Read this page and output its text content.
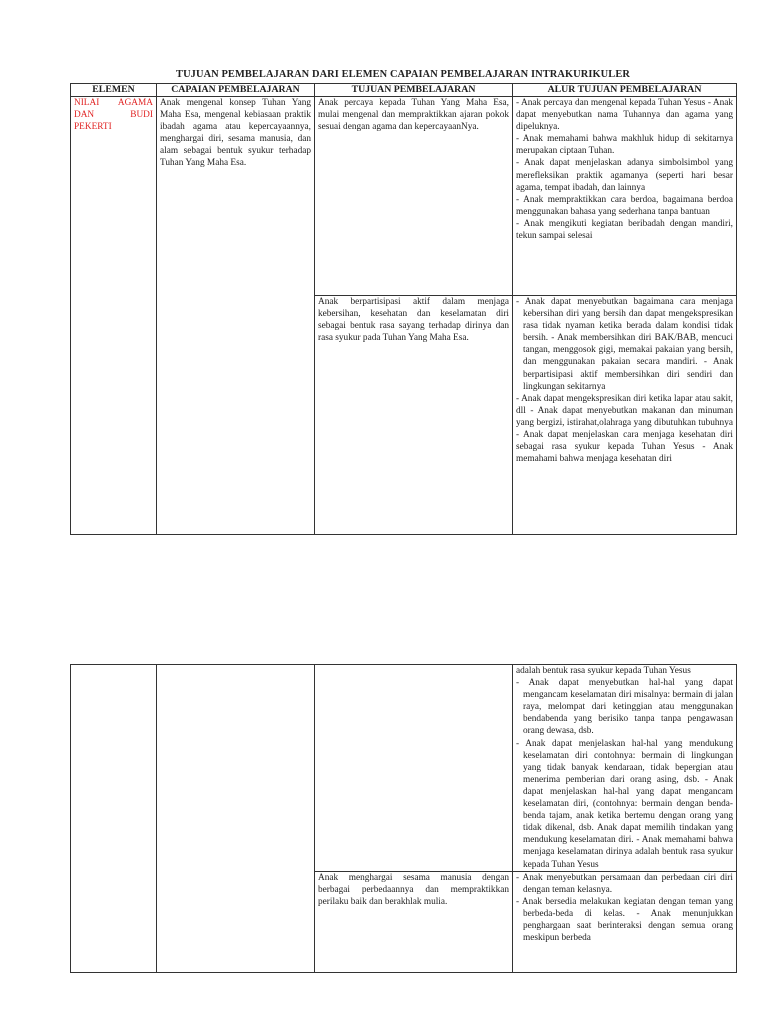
TUJUAN PEMBELAJARAN DARI ELEMEN CAPAIAN PEMBELAJARAN INTRAKURIKULER
ELEMEN	CAPAIAN PEMBELAJARAN	TUJUAN PEMBELAJARAN	ALUR TUJUAN PEMBELAJARAN
NILAI AGAMA DAN BUDI PEKERTI	Anak mengenal konsep Tuhan Yang Maha Esa, mengenal kebiasaan praktik ibadah agama atau kepercayaannya, menghargai diri, sesama manusia, dan alam sebagai bentuk syukur terhadap Tuhan Yang Maha Esa.	Anak percaya kepada Tuhan Yang Maha Esa, mulai mengenal dan mempraktikkan ajaran pokok sesuai dengan agama dan kepercayaanNya.	- Anak percaya dan mengenal kepada Tuhan Yesus - Anak dapat menyebutkan nama Tuhannya dan agama yang dipeluknya.
- Anak memahami bahwa makhluk hidup di sekitarnya merupakan ciptaan Tuhan.
- Anak dapat menjelaskan adanya simbolsimbol yang merefleksikan praktik agamanya (seperti hari besar agama, tempat ibadah, dan lainnya
- Anak mempraktikkan cara berdoa, bagaimana berdoa menggunakan bahasa yang sederhana tanpa bantuan
- Anak mengikuti kegiatan beribadah dengan mandiri, tekun sampai selesai

		Anak berpartisipasi aktif dalam menjaga kebersihan, kesehatan dan keselamatan diri sebagai bentuk rasa sayang terhadap dirinya dan rasa syukur pada Tuhan Yang Maha Esa.	- Anak dapat menyebutkan bagaimana cara menjaga kebersihan diri yang bersih dan dapat mengekspresikan rasa tidak nyaman ketika berada dalam kondisi tidak bersih. - Anak membersihkan diri BAK/BAB, mencuci tangan, menggosok gigi, memakai pakaian yang bersih, dan menggunakan pakaian secara mandiri. - Anak berpartisipasi aktif membersihkan diri sendiri dan lingkungan sekitarnya
- Anak dapat mengekspresikan diri ketika lapar atau sakit, dll - Anak dapat menyebutkan makanan dan minuman yang bergizi, istirahat,olahraga yang dibutuhkan tubuhnya - Anak dapat menjelaskan cara menjaga kesehatan diri sebagai rasa syukur kepada Tuhan Yesus - Anak memahami bahwa menjaga kesehatan diri

			adalah bentuk rasa syukur kepada Tuhan Yesus
- Anak dapat menyebutkan hal-hal yang dapat mengancam keselamatan diri misalnya: bermain di jalan raya, melompat dari ketinggian atau menggunakan bendabenda yang berisiko tanpa tanpa pengawasan orang dewasa, dsb.
- Anak dapat menjelaskan hal-hal yang mendukung keselamatan diri contohnya: bermain di lingkungan yang tidak banyak kendaraan, tidak bepergian atau menerima pemberian dari orang asing, dsb. - Anak dapat menjelaskan hal-hal yang dapat mengancam keselamatan diri, (contohnya: bermain dengan benda-benda tajam, anak ketika bertemu dengan orang yang tidak dikenal, dsb. Anak dapat memilih tindakan yang mendukung keselamatan diri. - Anak memahami bahwa menjaga keselamatan dirinya adalah bentuk rasa syukur kepada Tuhan Yesus

		Anak menghargai sesama manusia dengan berbagai perbedaannya dan mempraktikkan perilaku baik dan berakhlak mulia.	- Anak menyebutkan persamaan dan perbedaan ciri diri dengan teman kelasnya.
- Anak bersedia melakukan kegiatan dengan teman yang berbeda-beda di kelas. - Anak menunjukkan penghargaan saat berinteraksi dengan semua orang meskipun berbeda
